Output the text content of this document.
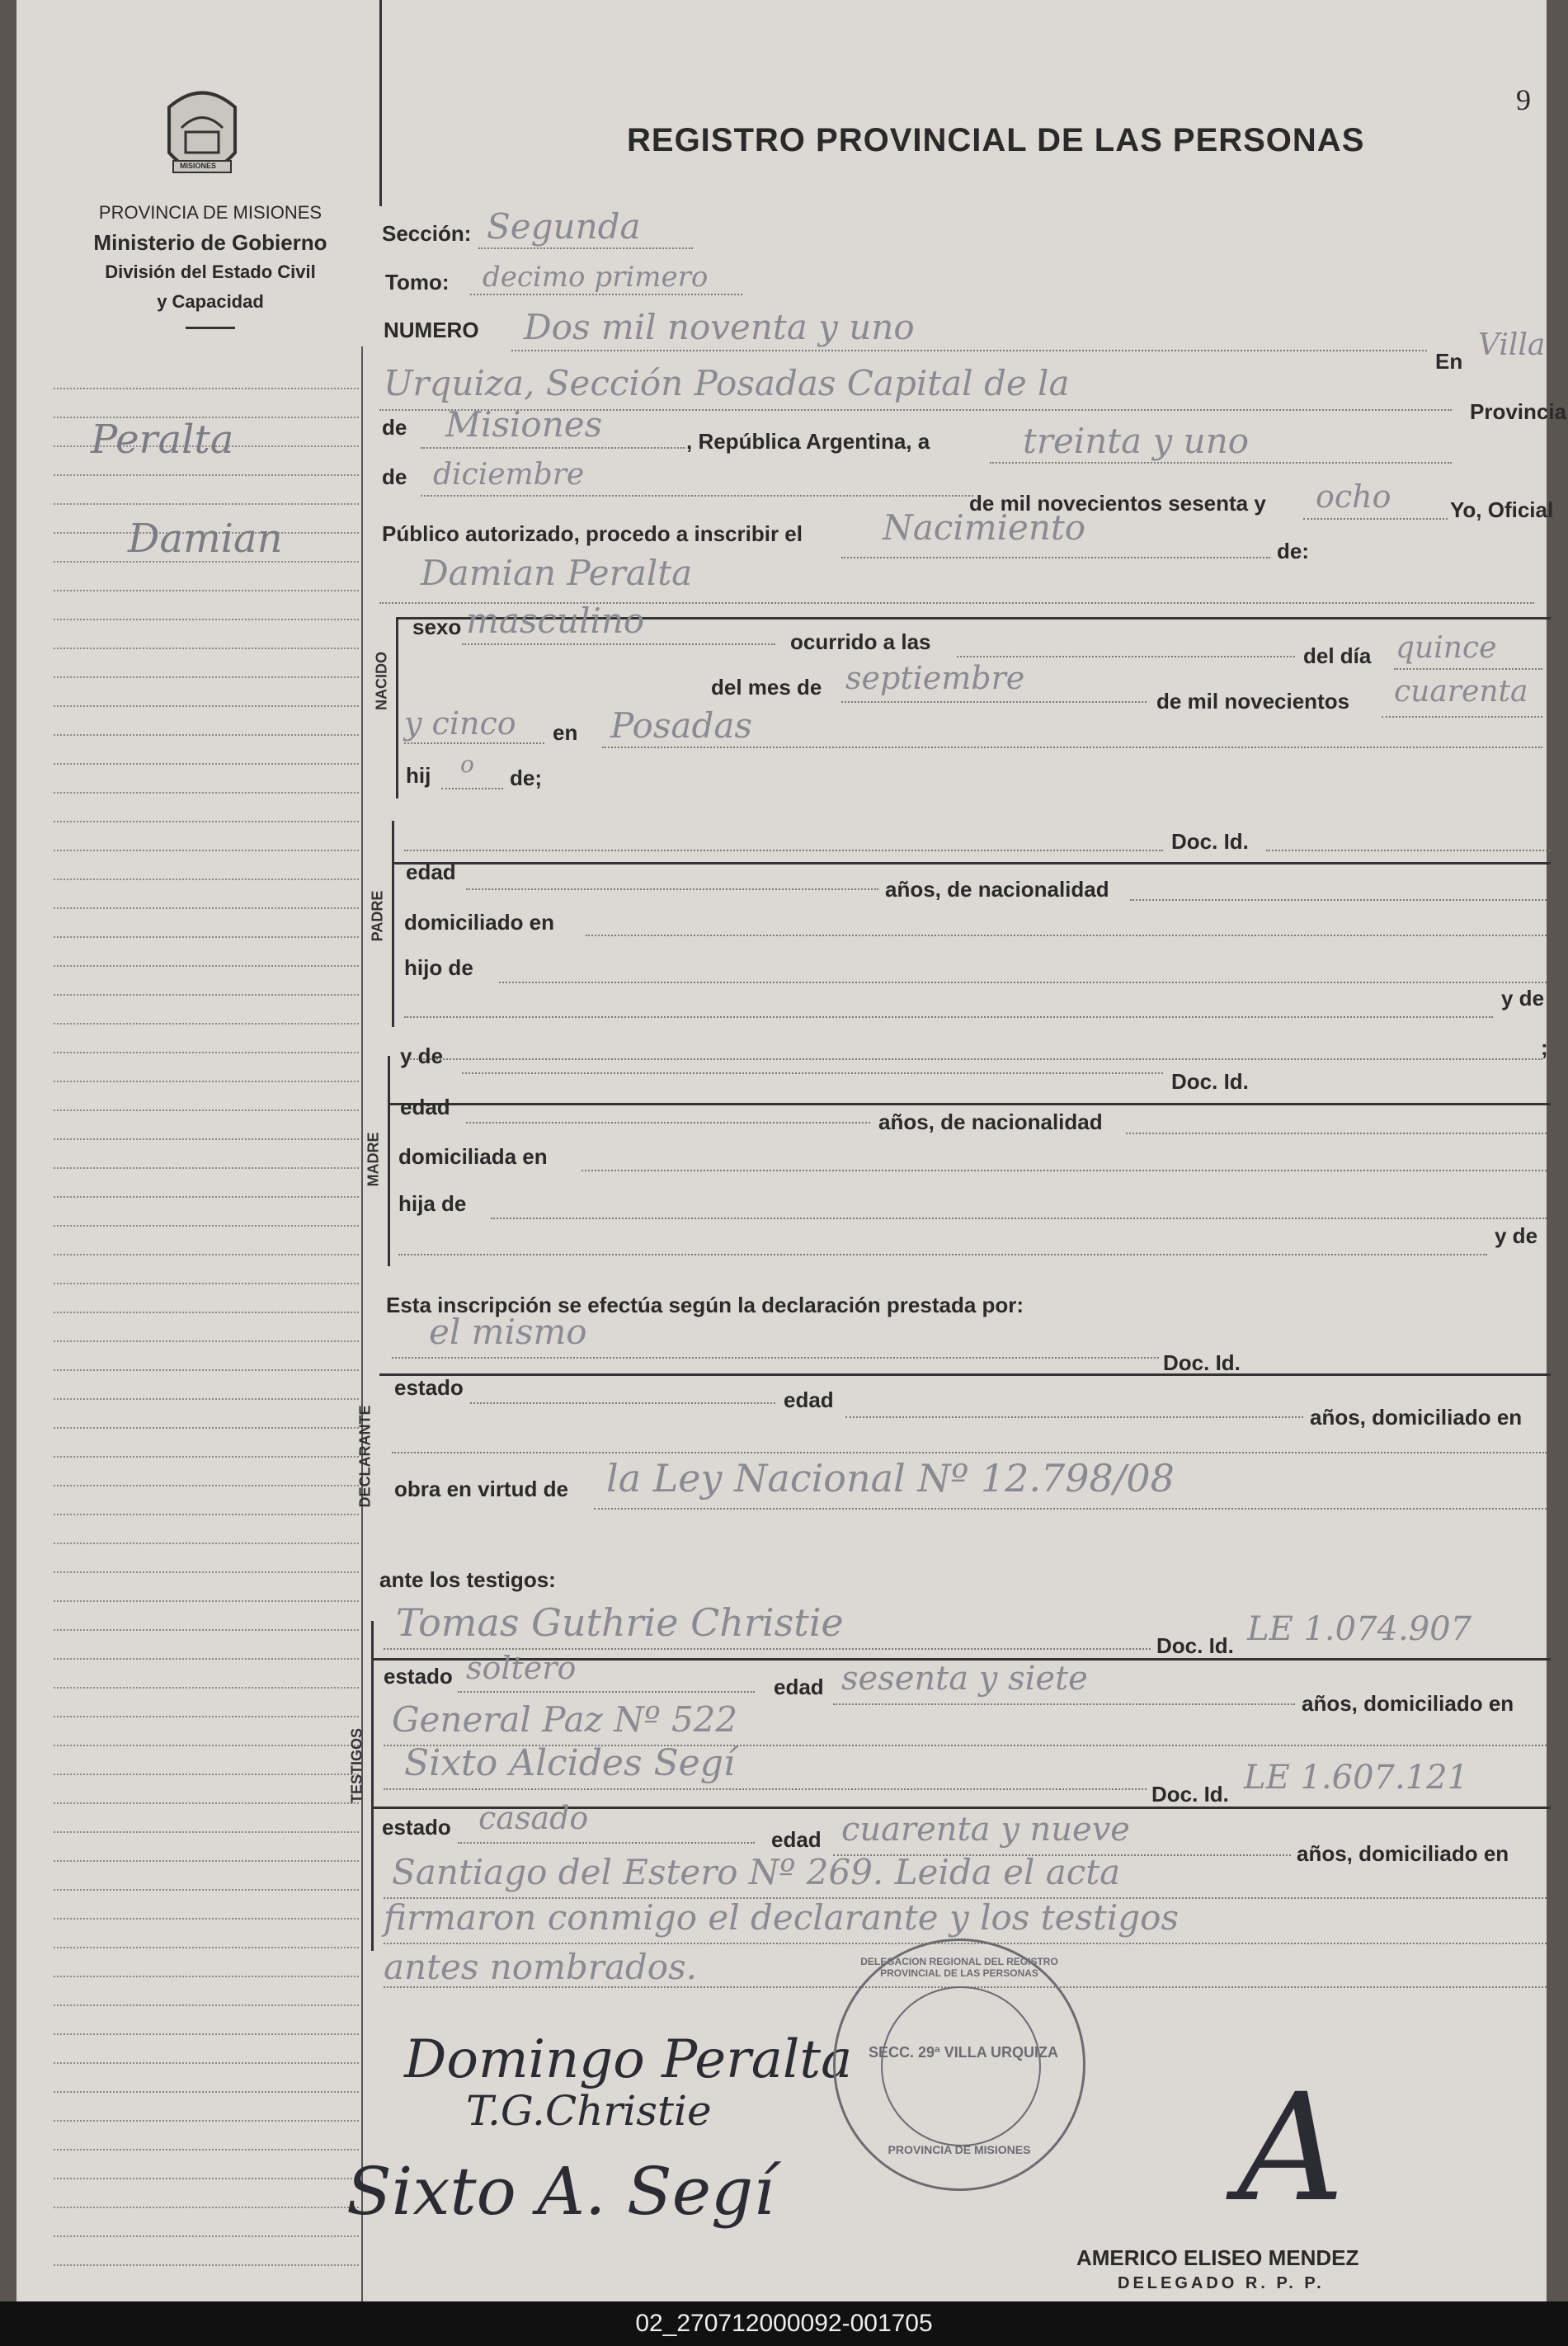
Peralta
Damian
MISIONES
PROVINCIA DE MISIONES
Ministerio de Gobierno
División del Estado Civil
y Capacidad
REGISTRO PROVINCIAL DE LAS PERSONAS
9
Sección: Segunda
Tomo: decimo primero
NUMERO Dos mil noventa y uno
En Villa
Urquiza, Sección Posadas Capital de la
Provincia
de Misiones	, República Argentina, a	treinta y uno
de diciembre
de mil novecientos sesenta y ocho	Yo, Oficial
Público autorizado, procedo a inscribir el Nacimiento
de:
Damian Peralta
NACIDO
sexo masculino
ocurrido a las
del día quince
del mes de septiembre
de mil novecientos cuarenta
y cinco en Posadas
hij o de;
PADRE
Doc. Id.
edad
años, de nacionalidad
domiciliado en
hijo de
y de
;
MADRE
y de
Doc. Id.
edad
años, de nacionalidad
domiciliada en
hija de
y de
Esta inscripción se efectúa según la declaración prestada por:
el mismo
Doc. Id.
DECLARANTE
estado	edad
años, domiciliado en
obra en virtud de la Ley Nacional Nº 12.798/08
ante los testigos:
Tomas Guthrie Christie
Doc. Id. LE 1.074.907
TESTIGOS
estado soltero
edad sesenta y siete
años, domiciliado en
General Paz Nº 522
Sixto Alcides Segí
Doc. Id. LE 1.607.121
estado casado
edad cuarenta y nueve
años, domiciliado en
Santiago del Estero Nº 269. Leida el acta
firmaron conmigo el declarante y los testigos
antes nombrados.
Domingo Peralta
T.G.Christie
Sixto A. Segí	A
DELEGACION REGIONAL DEL REGISTRO PROVINCIAL DE LAS PERSONAS
SECC. 29ª VILLA URQUIZA
PROVINCIA DE MISIONES
AMERICO ELISEO MENDEZ
DELEGADO R. P. P.
02_270712000092-001705
